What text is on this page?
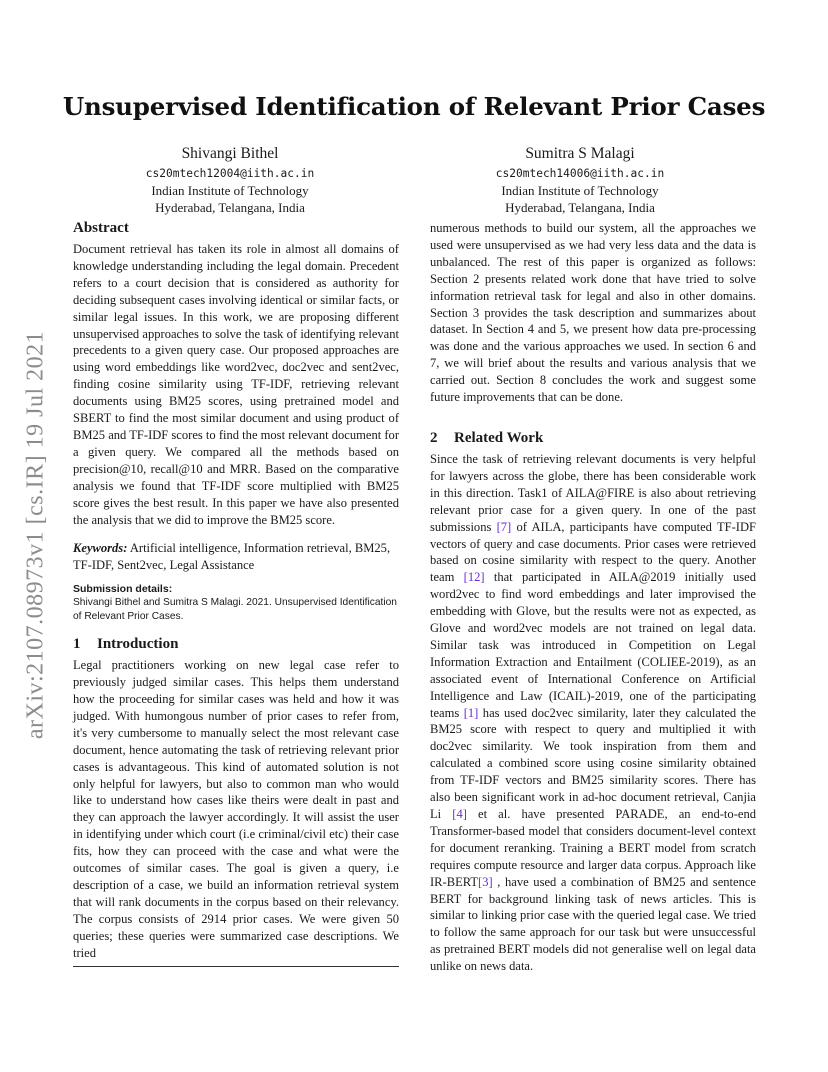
arXiv:2107.08973v1 [cs.IR] 19 Jul 2021
Unsupervised Identification of Relevant Prior Cases
Shivangi Bithel
cs20mtech12004@iith.ac.in
Indian Institute of Technology
Hyderabad, Telangana, India
Sumitra S Malagi
cs20mtech14006@iith.ac.in
Indian Institute of Technology
Hyderabad, Telangana, India
Abstract

Document retrieval has taken its role in almost all domains of knowledge understanding including the legal domain. Precedent refers to a court decision that is considered as authority for deciding subsequent cases involving identical or similar facts, or similar legal issues. In this work, we are proposing different unsupervised approaches to solve the task of identifying relevant precedents to a given query case. Our proposed approaches are using word embeddings like word2vec, doc2vec and sent2vec, finding cosine similarity using TF-IDF, retrieving relevant documents using BM25 scores, using pretrained model and SBERT to find the most similar document and using product of BM25 and TF-IDF scores to find the most relevant document for a given query. We compared all the methods based on precision@10, recall@10 and MRR. Based on the comparative analysis we found that TF-IDF score multiplied with BM25 score gives the best result. In this paper we have also presented the analysis that we did to improve the BM25 score.

Keywords: Artificial intelligence, Information retrieval, BM25, TF-IDF, Sent2vec, Legal Assistance
Submission details:
Shivangi Bithel and Sumitra S Malagi. 2021. Unsupervised Identification of Relevant Prior Cases.
1 Introduction

Legal practitioners working on new legal case refer to previously judged similar cases. This helps them understand how the proceeding for similar cases was held and how it was judged. With humongous number of prior cases to refer from, it's very cumbersome to manually select the most relevant case document, hence automating the task of retrieving relevant prior cases is advantageous. This kind of automated solution is not only helpful for lawyers, but also to common man who would like to understand how cases like theirs were dealt in past and they can approach the lawyer accordingly. It will assist the user in identifying under which court (i.e criminal/civil etc) their case fits, how they can proceed with the case and what were the outcomes of similar cases. The goal is given a query, i.e description of a case, we build an information retrieval system that will rank documents in the corpus based on their relevancy. The corpus consists of 2914 prior cases. We were given 50 queries; these queries were summarized case descriptions. We tried

numerous methods to build our system, all the approaches we used were unsupervised as we had very less data and the data is unbalanced. The rest of this paper is organized as follows: Section 2 presents related work done that have tried to solve information retrieval task for legal and also in other domains. Section 3 provides the task description and summarizes about dataset. In Section 4 and 5, we present how data pre-processing was done and the various approaches we used. In section 6 and 7, we will brief about the results and various analysis that we carried out. Section 8 concludes the work and suggest some future improvements that can be done.

2 Related Work

Since the task of retrieving relevant documents is very helpful for lawyers across the globe, there has been considerable work in this direction. Task1 of AILA@FIRE is also about retrieving relevant prior case for a given query. In one of the past submissions [7] of AILA, participants have computed TF-IDF vectors of query and case documents. Prior cases were retrieved based on cosine similarity with respect to the query. Another team [12] that participated in AILA@2019 initially used word2vec to find word embeddings and later improvised the embedding with Glove, but the results were not as expected, as Glove and word2vec models are not trained on legal data. Similar task was introduced in Competition on Legal Information Extraction and Entailment (COLIEE-2019), as an associated event of International Conference on Artificial Intelligence and Law (ICAIL)-2019, one of the participating teams [1] has used doc2vec similarity, later they calculated the BM25 score with respect to query and multiplied it with doc2vec similarity. We took inspiration from them and calculated a combined score using cosine similarity obtained from TF-IDF vectors and BM25 similarity scores. There has also been significant work in ad-hoc document retrieval, Canjia Li [4] et al. have presented PARADE, an end-to-end Transformer-based model that considers document-level context for document reranking. Training a BERT model from scratch requires compute resource and larger data corpus. Approach like IR-BERT[3] , have used a combination of BM25 and sentence BERT for background linking task of news articles. This is similar to linking prior case with the queried legal case. We tried to follow the same approach for our task but were unsuccessful as pretrained BERT models did not generalise well on legal data unlike on news data.
